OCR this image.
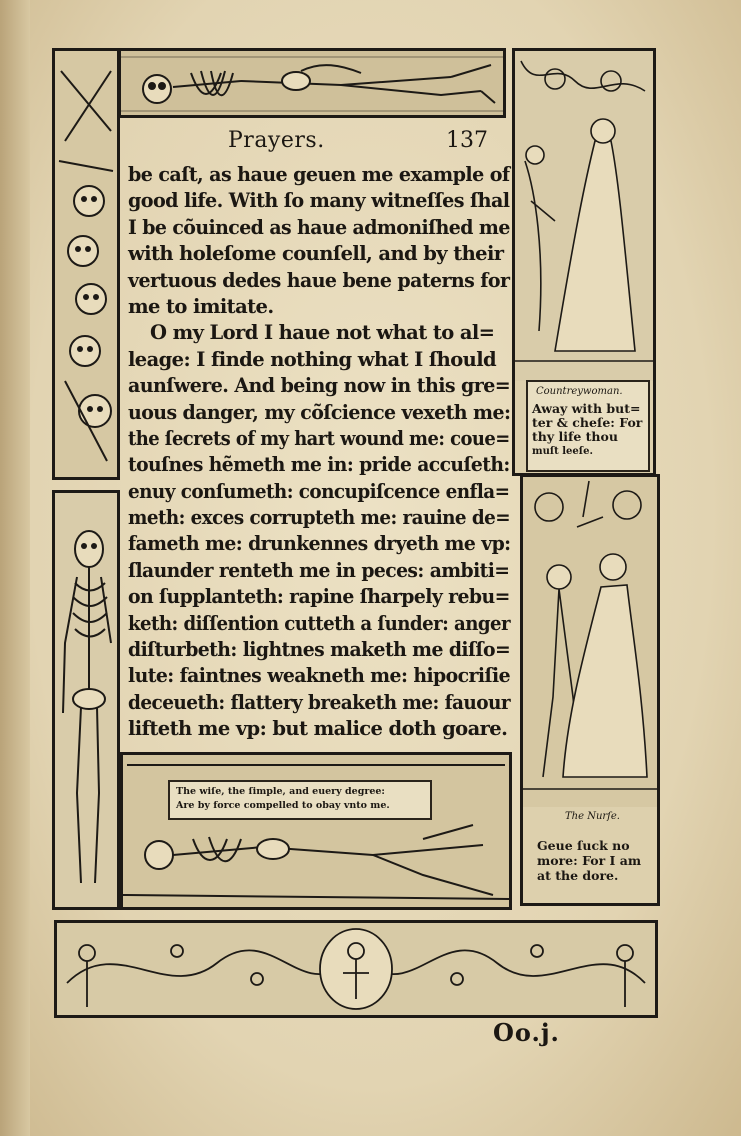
Countreywoman.
Away with but=
ter & cheſe: For
thy life thou
muſt leeſe.
The Nurſe.
Geue ſuck no
more: For I am
at the dore.
The wiſe, the ſimple, and euery degree:
Are by force compelled to obay vnto me.
Prayers.	137
be caſt, as haue geuen me example of
good life. With ſo many witneſſes ſhal
I be cõuinced as haue admoniſhed me
with holeſome counſell, and by their
vertuous dedes haue bene paterns for
me to imitate.
O my Lord I haue not what to al=
leage: I finde nothing what I ſhould
aunſwere. And being now in this gre=
uous danger, my cõſcience vexeth me:
the ſecrets of my hart wound me: coue=
touſnes hẽmeth me in: pride accuſeth:
enuy conſumeth: concupiſcence enfla=
meth: exces corrupteth me: rauine de=
fameth me: drunkennes dryeth me vp:
ſlaunder renteth me in peces: ambiti=
on ſupplanteth: rapine ſharpely rebu=
keth: diſſention cutteth a ſunder: anger
diſturbeth: lightnes maketh me diſſo=
lute: faintnes weakneth me: hipocriſie
deceueth: flattery breaketh me: fauour
lifteth me vp: but malice doth goare.
Oo.j.
